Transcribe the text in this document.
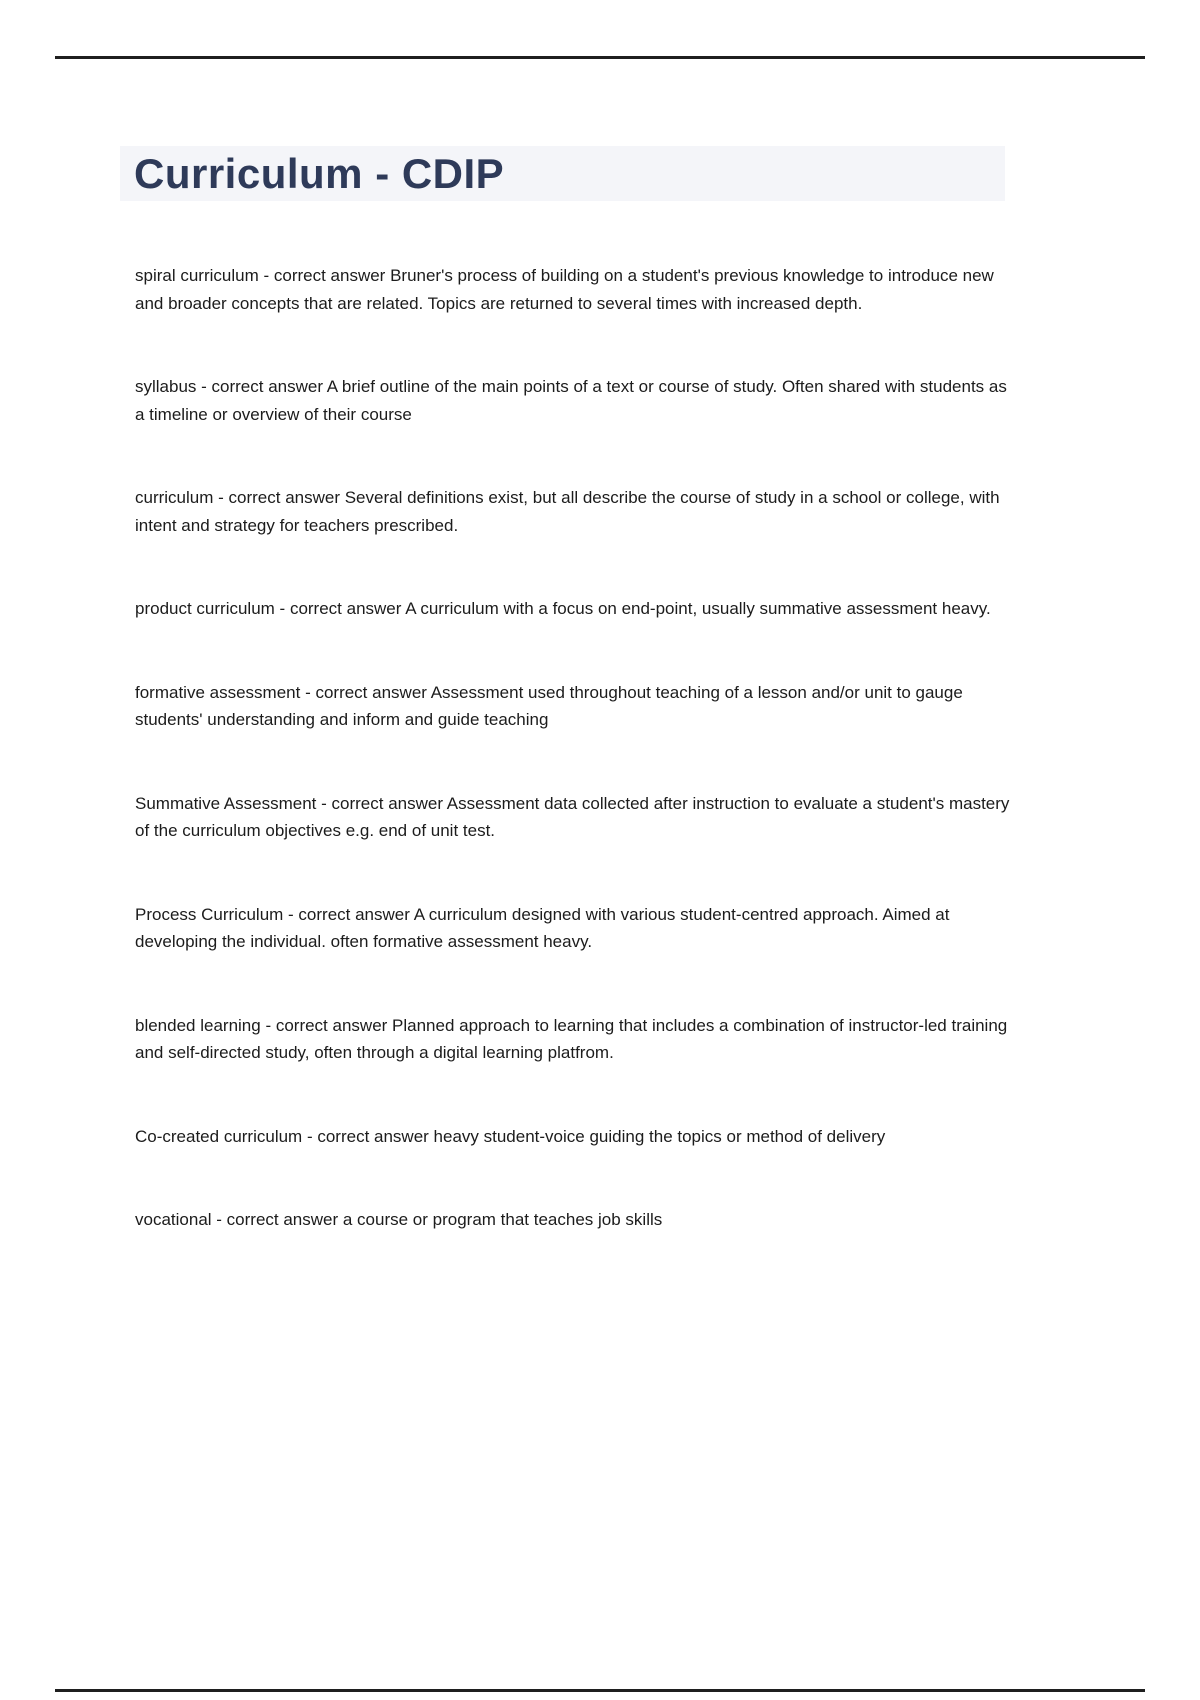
Curriculum - CDIP

spiral curriculum - correct answer Bruner's process of building on a student's previous knowledge to introduce new and broader concepts that are related. Topics are returned to several times with increased depth.

syllabus - correct answer A brief outline of the main points of a text or course of study. Often shared with students as a timeline or overview of their course

curriculum - correct answer Several definitions exist, but all describe the course of study in a school or college, with intent and strategy for teachers prescribed.

product curriculum - correct answer A curriculum with a focus on end-point, usually summative assessment heavy.

formative assessment - correct answer Assessment used throughout teaching of a lesson and/or unit to gauge students' understanding and inform and guide teaching

Summative Assessment - correct answer Assessment data collected after instruction to evaluate a student's mastery of the curriculum objectives e.g. end of unit test.

Process Curriculum - correct answer A curriculum designed with various student-centred approach. Aimed at developing the individual. often formative assessment heavy.

blended learning - correct answer Planned approach to learning that includes a combination of instructor-led training and self-directed study, often through a digital learning platfrom.

Co-created curriculum - correct answer heavy student-voice guiding the topics or method of delivery

vocational - correct answer a course or program that teaches job skills
